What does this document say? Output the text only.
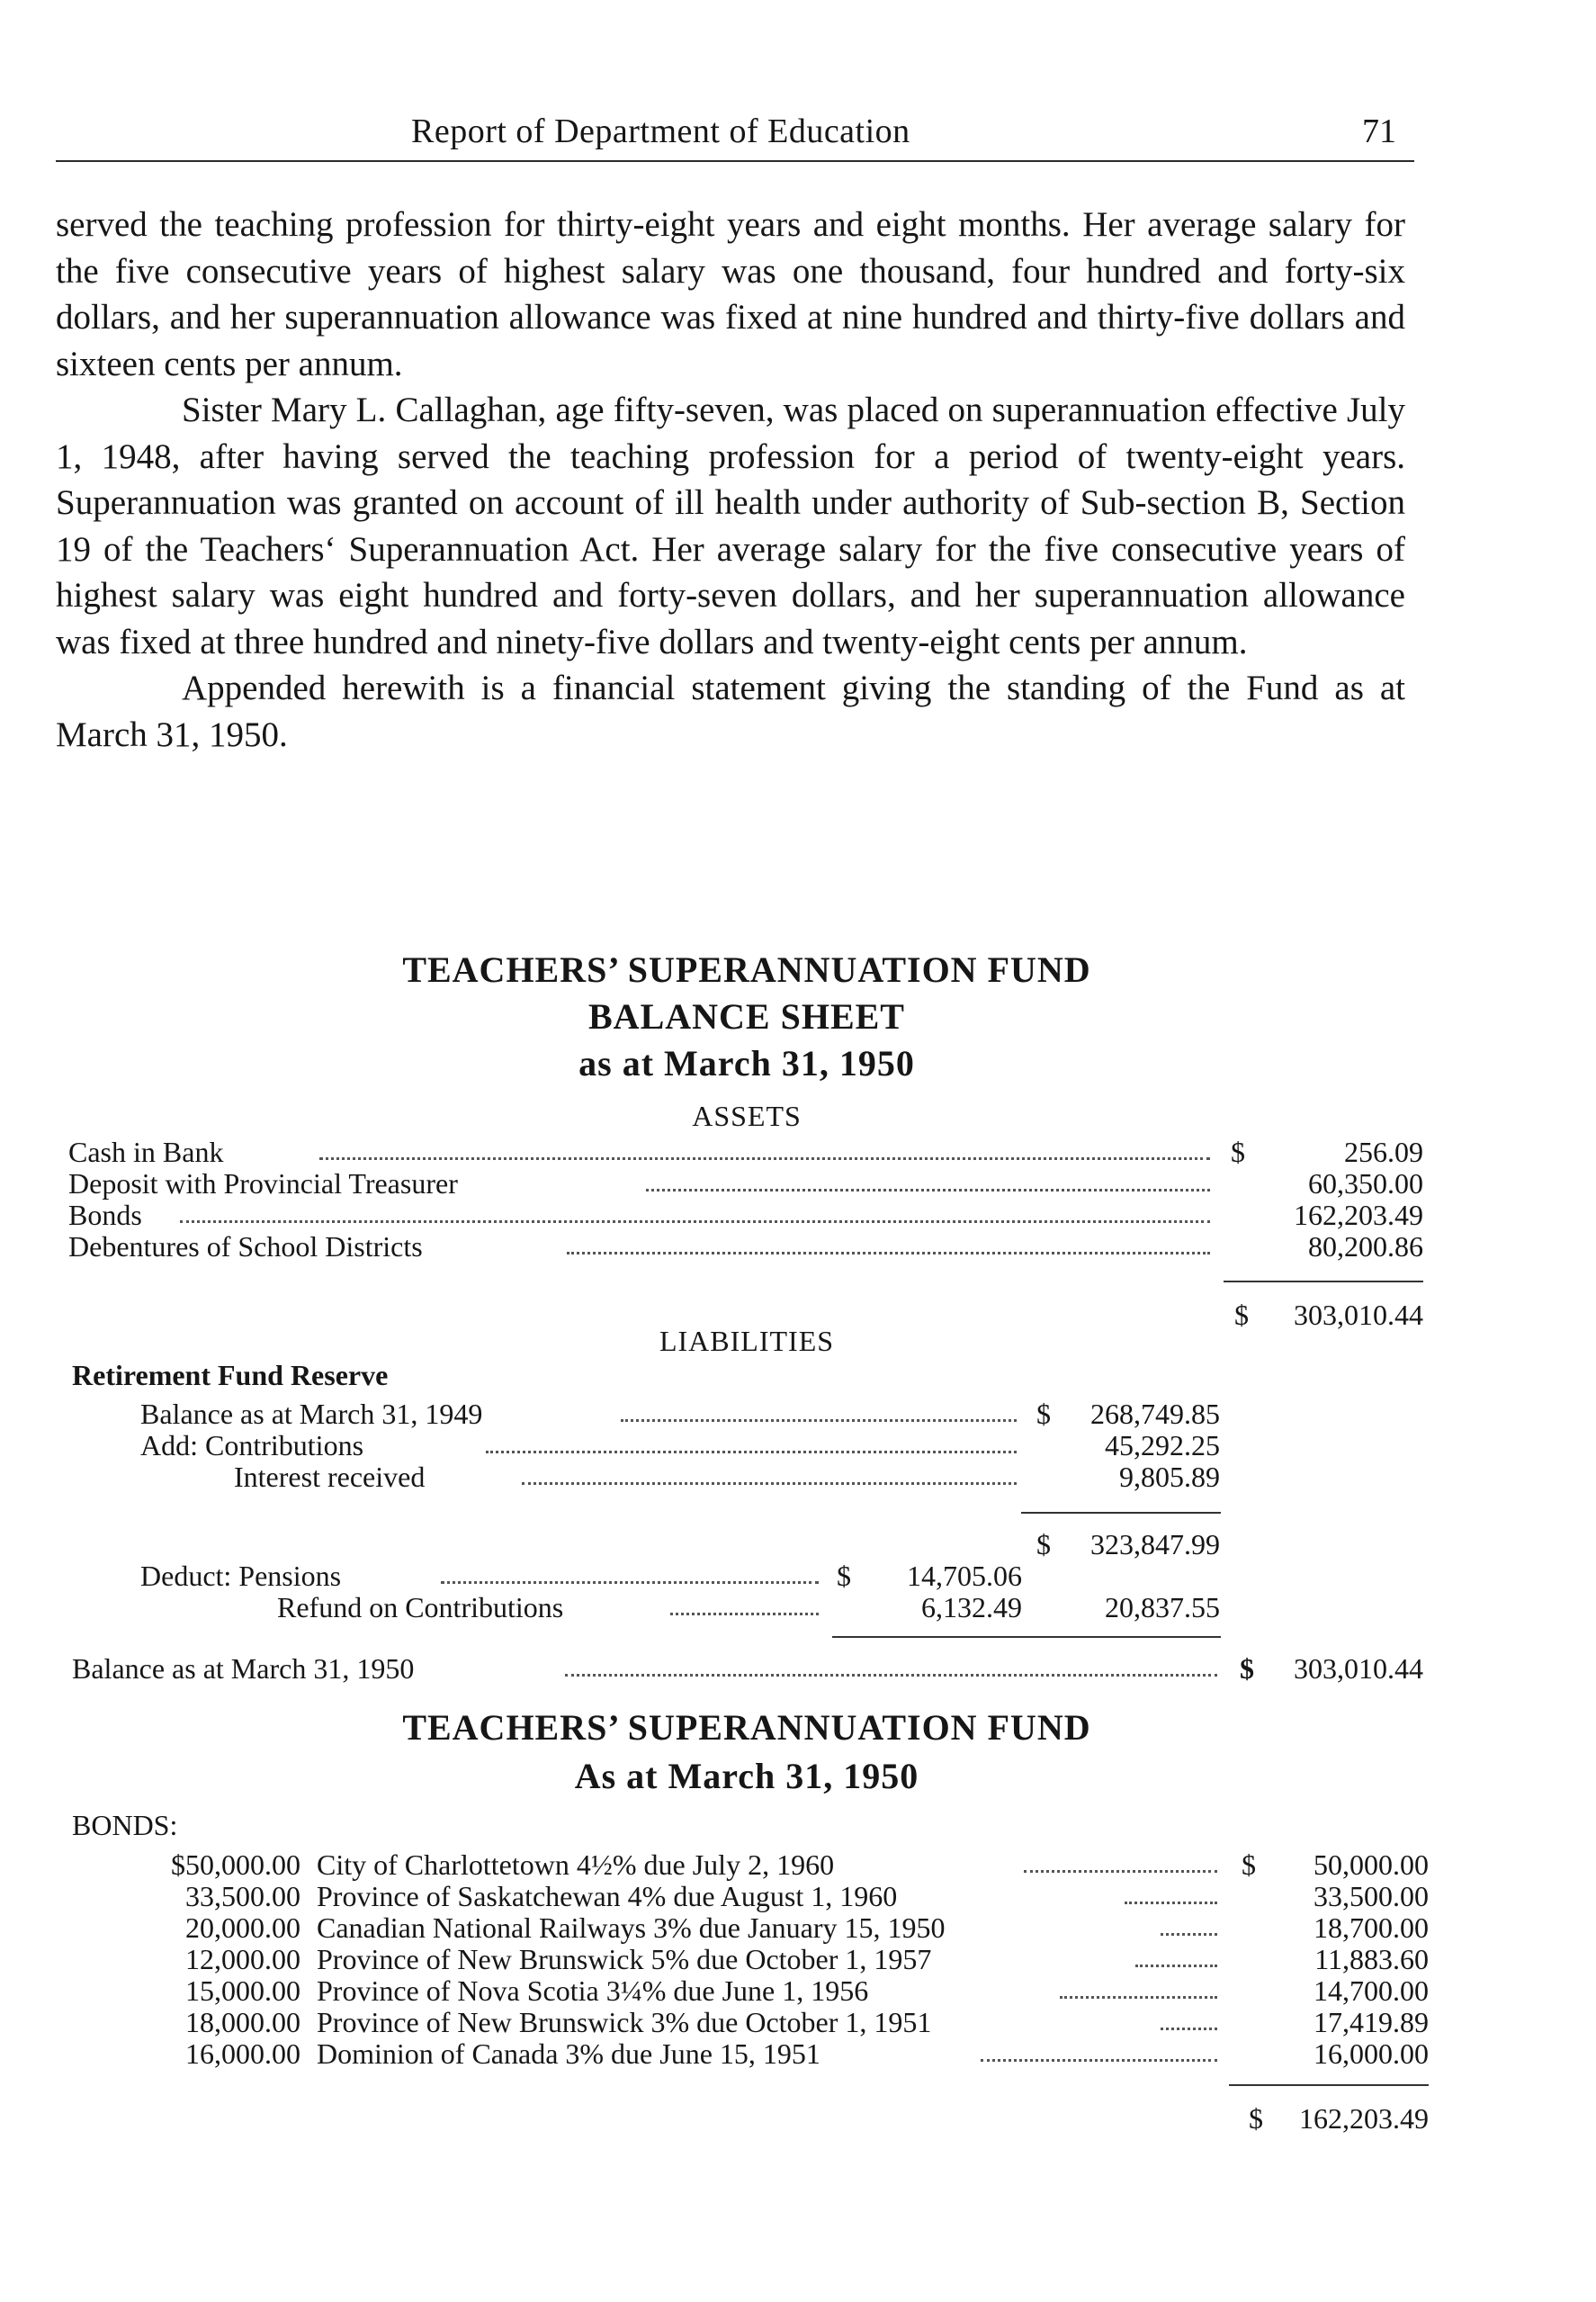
Report of Department of Education	71

served the teaching profession for thirty-eight years and eight months. Her average salary for the five consecutive years of highest salary was one thousand, four hundred and forty-six dollars, and her superannuation allowance was fixed at nine hundred and thirty-five dollars and sixteen cents per annum.

Sister Mary L. Callaghan, age fifty-seven, was placed on superannuation effective July 1, 1948, after having served the teaching profession for a period of twenty-eight years. Superannuation was granted on account of ill health under authority of Sub-section B, Section 19 of the Teachers‘ Superannuation Act. Her average salary for the five consecutive years of highest salary was eight hundred and forty-seven dollars, and her superannuation allowance was fixed at three hundred and ninety-five dollars and twenty-eight cents per annum.

Appended herewith is a financial statement giving the standing of the Fund as at March 31, 1950.

TEACHERS’ SUPERANNUATION FUND
BALANCE SHEET
as at March 31, 1950
ASSETS
Cash in Bank	$	256.09
Deposit with Provincial Treasurer	60,350.00
Bonds	162,203.49
Debentures of School Districts	80,200.86
$ 303,010.44
LIABILITIES
Retirement Fund Reserve
Balance as at March 31, 1949	$ 268,749.85
Add: Contributions	45,292.25
Interest received	9,805.89
$ 323,847.99
Deduct: Pensions	$ 14,705.06
Refund on Contributions	6,132.49	20,837.55
Balance as at March 31, 1950	$ 303,010.44
TEACHERS’ SUPERANNUATION FUND
As at March 31, 1950
BONDS:
$50,000.00 City of Charlottetown 4½% due July 2, 1960	$ 50,000.00
33,500.00 Province of Saskatchewan 4% due August 1, 1960	33,500.00
20,000.00 Canadian National Railways 3% due January 15, 1950	18,700.00
12,000.00 Province of New Brunswick 5% due October 1, 1957	11,883.60
15,000.00 Province of Nova Scotia 3¼% due June 1, 1956	14,700.00
18,000.00 Province of New Brunswick 3% due October 1, 1951	17,419.89
16,000.00 Dominion of Canada 3% due June 15, 1951	16,000.00
$ 162,203.49
